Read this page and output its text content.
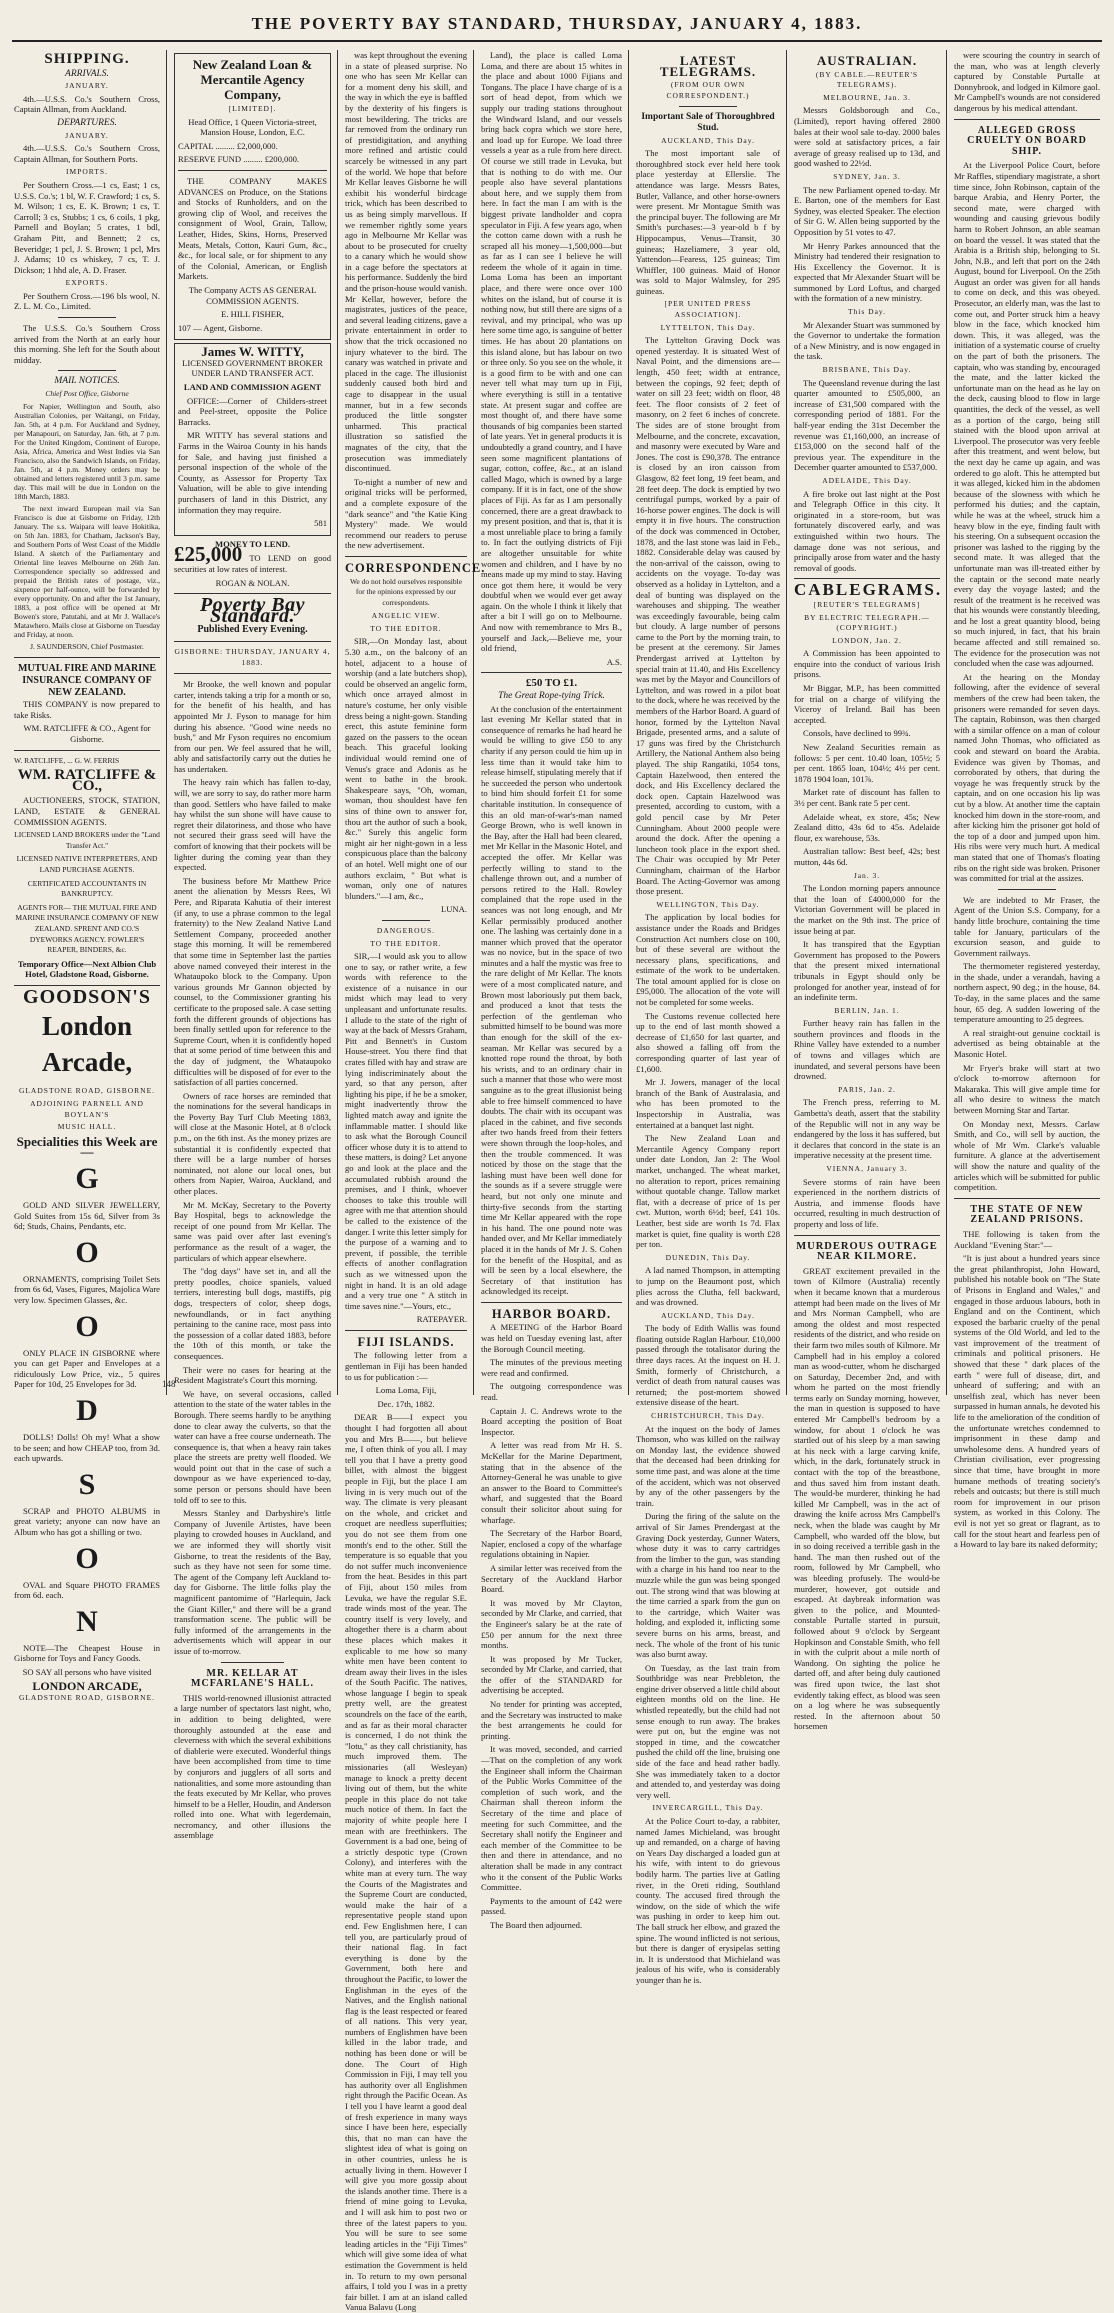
THE POVERTY BAY STANDARD, THURSDAY, JANUARY 4, 1883.
SHIPPING.
ARRIVALS.
JANUARY.

4th.—U.S.S. Co.'s Southern Cross, Captain Allman, from Auckland.

DEPARTURES.
JANUARY.

4th.—U.S.S. Co.'s Southern Cross, Captain Allman, for Southern Ports.

IMPORTS.

Per Southern Cross.—1 cs, East; 1 cs, U.S.S. Co.'s; 1 bl, W. F. Crawford; 1 cs, S. M. Wilson; 1 cs, E. K. Brown; 1 cs, T. Carroll; 3 cs, Stubbs; 1 cs, 6 coils, 1 pkg, Parnell and Boylan; 5 crates, 1 bdl, Graham Pitt, and Bennett; 2 cs, Beveridge; 1 pcl, J. S. Brown; 1 pcl, Mrs J. Adams; 10 cs whiskey, 7 cs, T. J. Dickson; 1 hhd ale, A. D. Fraser.

EXPORTS.

Per Southern Cross.—196 bls wool, N. Z. L. M. Co., Limited.

The U.S.S. Co.'s Southern Cross arrived from the North at an early hour this morning. She left for the South about midday.

MAIL NOTICES.
Chief Post Office, Gisborne

For Napier, Wellington and South, also Australian Colonies, per Waitangi, on Friday, Jan. 5th, at 4 p.m. For Auckland and Sydney, per Manapouri, on Saturday, Jan. 6th, at 7 p.m. For the United Kingdom, Continent of Europe, Asia, Africa, America and West Indies via San Francisco, also the Sandwich Islands, on Friday, Jan. 5th, at 4 p.m. Money orders may be obtained and letters registered until 3 p.m. same day. This mail will be due in London on the 18th March, 1883.

The next inward European mail via San Francisco is due at Gisborne on Friday, 12th January. The s.s. Waipara will leave Hokitika, on 5th Jan. 1883, for Chatham, Jackson's Bay, and Southern Ports of West Coast of the Middle Island. A sketch of the Parliamentary and Oriental line leaves Melbourne on 26th Jan. Correspondence specially so addressed and prepaid the British rates of postage, viz., sixpence per half-ounce, will be forwarded by every opportunity. On and after the 1st January, 1883, a post office will be opened at Mr Bowen's store, Patutahi, and at Mr J. Wallace's Matawhero. Mails close at Gisborne on Tuesday and Friday, at noon.

J. SAUNDERSON, Chief Postmaster.

MUTUAL FIRE AND MARINE INSURANCE COMPANY OF NEW ZEALAND.

THIS COMPANY is now prepared to take Risks.

WM. RATCLIFFE & CO., Agent for Gisborne.

W. RATCLIFFE, ... G. W. FERRIS

WM. RATCLIFFE & CO.,

AUCTIONEERS, STOCK, STATION, LAND, ESTATE & GENERAL COMMISSION AGENTS.

LICENSED LAND BROKERS under the "Land Transfer Act."

LICENSED NATIVE INTERPRETERS, AND LAND PURCHASE AGENTS.

CERTIFICATED ACCOUNTANTS IN BANKRUPTCY.

AGENTS FOR— THE MUTUAL FIRE AND MARINE INSURANCE COMPANY OF NEW ZEALAND. SPRENT AND CO.'S DYEWORKS AGENCY. FOWLER'S REAPER, BINDERS, &c.

Temporary Office—Next Albion Club Hotel, Gladstone Road, Gisborne.

GOODSON'S
London Arcade,
GLADSTONE ROAD, GISBORNE.
ADJOINING PARNELL AND BOYLAN'S
MUSIC HALL.
Specialities this Week are—
G

GOLD AND SILVER JEWELLERY, Gold Suites from 15s 6d, Silver from 3s 6d; Studs, Chains, Pendants, etc.

O

ORNAMENTS, comprising Toilet Sets from 6s 6d, Vases, Figures, Majolica Ware very low. Specimen Glasses, &c.

O

ONLY PLACE IN GISBORNE where you can get Paper and Envelopes at a ridiculously Low Price, viz., 5 quires Paper for 10d, 25 Envelopes for 3d.

D

DOLLS! Dolls! Oh my! What a show to be seen; and how CHEAP too, from 3d. each upwards.

S

SCRAP and PHOTO ALBUMS in great variety; anyone can now have an Album who has got a shilling or two.

O

OVAL and Square PHOTO FRAMES from 6d. each.

N

NOTE—The Cheapest House in Gisborne for Toys and Fancy Goods.

SO SAY all persons who have visited

LONDON ARCADE,
GLADSTONE ROAD, GISBORNE.
New Zealand Loan & Mercantile Agency Company,
[LIMITED].

Head Office, 1 Queen Victoria-street, Mansion House, London, E.C.

CAPITAL ......... £2,000,000.

RESERVE FUND ......... £200,000.

THE COMPANY MAKES ADVANCES on Produce, on the Stations and Stocks of Runholders, and on the growing clip of Wool, and receives the consignment of Wool, Grain, Tallow, Leather, Hides, Skins, Horns, Preserved Meats, Metals, Cotton, Kauri Gum, &c., &c., for local sale, or for shipment to any of the Colonial, American, or English Markets.

The Company ACTS AS GENERAL COMMISSION AGENTS.

E. HILL FISHER,

107 — Agent, Gisborne.

James W. WITTY,

LICENSED GOVERNMENT BROKER UNDER LAND TRANSFER ACT.

LAND AND COMMISSION AGENT

OFFICE:—Corner of Childers-street and Peel-street, opposite the Police Barracks.

MR WITTY has several stations and Farms in the Wairoa County in his hands for Sale, and having just finished a personal inspection of the whole of the County, as Assessor for Property Tax Valuation, will be able to give intending purchasers of land in this District, any information they may require.

581

MONEY TO LEND.

£25,000 TO LEND on good securities at low rates of interest.

ROGAN & NOLAN.

Poverty Bay Standard.
Published Every Evening.
GISBORNE: THURSDAY, JANUARY 4, 1883.

Mr Brooke, the well known and popular carter, intends taking a trip for a month or so, for the benefit of his health, and has appointed Mr J. Fyson to manage for him during his absence. "Good wine needs no bush," and Mr Fyson requires no encomium from our pen. We feel assured that he will, ably and satisfactorily carry out the duties he has undertaken.

The heavy rain which has fallen to-day, will, we are sorry to say, do rather more harm than good. Settlers who have failed to make hay whilst the sun shone will have cause to regret their dilatoriness, and those who have not secured their grass seed will have the comfort of knowing that their pockets will be lighter during the coming year than they expected.

The business before Mr Matthew Price anent the alienation by Messrs Rees, Wi Pere, and Riparata Kahutia of their interest (if any, to use a phrase common to the legal fraternity) to the New Zealand Native Land Settlement Company, proceeded another stage this morning. It will be remembered that some time in September last the parties above named conveyed their interest in the Whataupoko block to the Company. Upon various grounds Mr Gannon objected by counsel, to the Commissioner granting his certificate to the proposed sale. A case setting forth the different grounds of objections has been finally settled upon for reference to the Supreme Court, when it is confidently hoped that at some period of time between this and the day of judgment, the Whataupoko difficulties will be disposed of for ever to the satisfaction of all parties concerned.

Owners of race horses are reminded that the nominations for the several handicaps in the Poverty Bay Turf Club Meeting 1883, will close at the Masonic Hotel, at 8 o'clock p.m., on the 6th inst. As the money prizes are substantial it is confidently expected that there will be a large number of horses nominated, not alone our local ones, but others from Napier, Wairoa, Auckland, and other places.

Mr M. McKay, Secretary to the Poverty Bay Hospital, begs to acknowledge the receipt of one pound from Mr Kellar. The same was paid over after last evening's performance as the result of a wager, the particulars of which appear elsewhere.

The "dog days" have set in, and all the pretty poodles, choice spaniels, valued terriers, interesting bull dogs, mastiffs, pig dogs, trespecters of color, sheep dogs, newfoundlands, or in fact anything pertaining to the canine race, most pass into the possession of a collar dated 1883, before the 10th of this month, or take the consequences.

Their were no cases for hearing at the Resident Magistrate's Court this morning.

We have, on several occasions, called attention to the state of the water tables in the Borough. There seems hardly to be anything done to clear away the culverts, so that the water can have a free course underneath. The consequence is, that when a heavy rain takes place the streets are pretty well flooded. We would point out that in the case of such a downpour as we have experienced to-day, some person or persons should have been told off to see to this.

Messrs Stanley and Darbyshire's little Company of Juvenile Artistes, have been playing to crowded houses in Auckland, and we are informed they will shortly visit Gisborne, to treat the residents of the Bay, such as they have not seen for some time. The agent of the Company left Auckland to-day for Gisborne. The little folks play the magnificent pantomime of "Harlequin, Jack the Giant Killer," and there will be a grand transformation scene. The public will be fully informed of the arrangements in the advertisements which will appear in our issue of to-morrow.

MR. KELLAR AT MCFARLANE'S HALL.

THIS world-renowned illusionist attracted a large number of spectators last night, who, in addition to being delighted, were thoroughly astounded at the ease and cleverness with which the several exhibitions of diablerie were executed. Wonderful things have been accomplished from time to time by conjurors and jugglers of all sorts and nationalities, and some more astounding than the feats executed by Mr Kellar, who proves himself to be a Heller, Houdin, and Anderson rolled into one. What with legerdemain, necromancy, and other illusions the assemblage

was kept throughout the evening in a state of pleased surprise. No one who has seen Mr Kellar can for a moment deny his skill, and the way in which the eye is baffled by the dexterity of his fingers is most bewildering. The tricks are far removed from the ordinary run of prestidigitation, and anything more refined and artistic could scarcely be witnessed in any part of the world. We hope that before Mr Kellar leaves Gisborne he will exhibit his wonderful birdcage trick, which has been described to us as being simply marvellous. If we remember rightly some years ago in Melbourne Mr Kellar was about to be prosecuted for cruelty to a canary which he would show in a cage before the spectators at his performance. Suddenly the bird and the prison-house would vanish. Mr Kellar, however, before the magistrates, justices of the peace, and several leading citizens, gave a private entertainment in order to show that the trick occasioned no injury whatever to the bird. The canary was watched in private and placed in the cage. The illusionist suddenly caused both bird and cage to disappear in the usual manner, but in a few seconds produced the little songster unharmed. This practical illustration so satisfied the magnates of the city, that the prosecution was immediately discontinued.

To-night a number of new and original tricks will be performed, and a complete exposure of the "dark seance" and "the Katie King Mystery" made. We would recommend our readers to peruse the new advertisement.

CORRESPONDENCE.

We do not hold ourselves responsible for the opinions expressed by our correspondents.

ANGELIC VIEW.
TO THE EDITOR.

SIR,—On Monday last, about 5.30 a.m., on the balcony of an hotel, adjacent to a house of worship (and a late butchers shop), could be observed an angelic form, which once arrayed almost in nature's costume, her only visible dress being a night-gown. Standing erect, this astute feminine form gazed on the passers to the ocean beach. This graceful looking individual would remind one of Venus's grace and Adonis as he went to bathe in the brook. Shakespeare says, "Oh, woman, woman, thou shouldest have fen sins of thine own to answer for, thou art the author of such a book, &c." Surely this angelic form might air her night-gown in a less conspicuous place than the balcony of an hotel. Well might one of our authors exclaim, " But what is woman, only one of natures blunders."—I am, &c.,

LUNA.

DANGEROUS.
TO THE EDITOR.

SIR,—I would ask you to allow one to say, or rather write, a few words with reference to the existence of a nuisance in our midst which may lead to very unpleasant and unfortunate results. I allude to the state of the right of way at the back of Messrs Graham, Pitt and Bennett's in Custom House-street. You there find that crates filled with hay and straw are lying indiscriminately about the yard, so that any person, after lighting his pipe, if he be a smoker, might inadvertently throw the lighted match away and ignite the inflammable matter. I should like to ask what the Borough Council officer whose duty it is to attend to these matters, is doing? Let anyone go and look at the place and the accumulated rubbish around the premises, and I think, whoever chooses to take this trouble will agree with me that attention should be called to the existence of the danger. I write this letter simply for the purpose of a warning and to prevent, if possible, the terrible effects of another conflagration such as we witnessed upon the night in hand. It is an old adage and a very true one " A stitch in time saves nine."—Yours, etc.,

RATEPAYER.

FIJI ISLANDS.

The following letter from a gentleman in Fiji has been handed to us for publication :—

Loma Loma, Fiji,

Dec. 17th, 1882.

DEAR B——I expect you thought I had forgotten all about you and Mrs B——, but believe me, I often think of you all. I may tell you that I have a pretty good billet, with almost the biggest people in Fiji, but the place I am living in is very much out of the way. The climate is very pleasant on the whole, and cricket and croquet are needless superfluities; you do not see them from one month's end to the other. Still the temperature is so equable that you do not suffer much inconvenience from the heat. Besides in this part of Fiji, about 150 miles from Levuka, we have the regular S.E. trade winds most of the year. The country itself is very lovely, and altogether there is a charm about these places which makes it explicable to me how so many white men have been content to dream away their lives in the isles of the South Pacific. The natives, whose language I begin to speak pretty well, are the greatest scoundrels on the face of the earth, and as far as their moral character is concerned, I do not think the "lotu," as they call christianity, has much improved them. The missionaries (all Wesleyan) manage to knock a pretty decent living out of them, but the white people in this place do not take much notice of them. In fact the majority of white people here I mean with are freethinkers. The Government is a bad one, being of a strictly despotic type (Crown Colony), and interferes with the white man at every turn. The way the Courts of the Magistrates and the Supreme Court are conducted, would make the hair of a representative people stand upon end. Few Englishmen here, I can tell you, are particularly proud of their national flag. In fact everything is done by the Government, both here and throughout the Pacific, to lower the Englishman in the eyes of the Natives, and the English national flag is the least respected or feared of all nations. This very year, numbers of Englishmen have been killed in the labor trade, and nothing has been done or will be done. The Court of High Commission in Fiji, I may tell you has authority over all Englishmen right through the Pacific Ocean. As I tell you I have learnt a good deal of fresh experience in many ways since I have been here, especially this, that no man can have the slightest idea of what is going on in other countries, unless he is actually living in them. However I will give you more gossip about the islands another time. There is a friend of mine going to Levuka, and I will ask him to post two or three of the latest papers to you. You will be sure to see some leading articles in the "Fiji Times" which will give some idea of what estimation the Government is held in. To return to my own personal affairs, I told you I was in a pretty fair billet. I am at an island called Vanua Balavu (Long

Land), the place is called Loma Loma, and there are about 15 whites in the place and about 1000 Fijians and Tongans. The place I have charge of is a sort of head depot, from which we supply our trading stations throughout the Windward Island, and our vessels bring back copra which we store here, and load up for Europe. We load three vessels a year as a rule from here direct. Of course we still trade in Levuka, but that is nothing to do with me. Our people also have several plantations about here, and we supply them from here. In fact the man I am with is the biggest private landholder and copra speculator in Fiji. A few years ago, when the cotton came down with a rush he scraped all his money—1,500,000—but as far as I can see I believe he will redeem the whole of it again in time. Loma Loma has been an important place, and there were once over 100 whites on the island, but of course it is nothing now, but still there are signs of a revival, and my principal, who was up here some time ago, is sanguine of better times. He has about 20 plantations on this island alone, but has labour on two or three only. So you see on the whole, it is a good firm to be with and one can never tell what may turn up in Fiji, where everything is still in a tentative state. At present sugar and coffee are most thought of, and there have some thousands of big companies been started of late years. Yet in general products it is undoubtedly a grand country, and I have seen some magnificent plantations of sugar, cotton, coffee, &c., at an island called Mago, which is owned by a large company. If it is in fact, one of the show places of Fiji. As far as I am personally concerned, there are a great drawback to my present position, and that is, that it is a most unreliable place to bring a family to. In fact the outlying districts of Fiji are altogether unsuitable for white women and children, and I have by no means made up my mind to stay. Having once got them here, it would be very doubtful when we would ever get away again. On the whole I think it likely that after a bit I will go on to Melbourne. And now with remembrance to Mrs B., yourself and Jack,—Believe me, your old friend,

A.S.

£50 TO £1.
The Great Rope-tying Trick.

At the conclusion of the entertainment last evening Mr Kellar stated that in consequence of remarks he had heard he would be willing to give £50 to any charity if any person could tie him up in less time than it would take him to release himself, stipulating merely that if he succeeded the person who undertook to bind him should forfeit £1 for some charitable institution. In consequence of this an old man-of-war's-man named George Brown, who is well known in the Bay, after the Hall had been cleared, met Mr Kellar in the Masonic Hotel, and accepted the offer. Mr Kellar was perfectly willing to stand to the challenge thrown out, and a number of persons retired to the Hall. Rowley complained that the rope used in the seances was not long enough, and Mr Kellar permissibly produced another one. The lashing was certainly done in a manner which proved that the operator was no novice, but in the space of two minutes and a half the mystic was free to the rare delight of Mr Kellar. The knots were of a most complicated nature, and Brown most laboriously put them back, and produced a knot that tests the perfection of the gentleman who submitted himself to be bound was more than enough for the skill of the ex-seaman. Mr Kellar was secured by a knotted rope round the throat, by both his wrists, and to an ordinary chair in such a manner that those who were most sanguine as to the great illusionist being able to free himself commenced to have doubts. The chair with its occupant was placed in the cabinet, and five seconds after two hands freed from their fetters were shown through the loop-holes, and then the trouble commenced. It was noticed by those on the stage that the lashing must have been well done for the sounds as if a severe struggle were heard, but not only one minute and thirty-five seconds from the starting time Mr Kellar appeared with the rope in his hand. The one pound note was handed over, and Mr Kellar immediately placed it in the hands of Mr J. S. Cohen for the benefit of the Hospital, and as will be seen by a local elsewhere, the Secretary of that institution has acknowledged its receipt.

HARBOR BOARD.

A MEETING of the Harbor Board was held on Tuesday evening last, after the Borough Council meeting.

The minutes of the previous meeting were read and confirmed.

The outgoing correspondence was read.

Captain J. C. Andrews wrote to the Board accepting the position of Boat Inspector.

A letter was read from Mr H. S. McKellar for the Marine Department, stating that in the absence of the Attorney-General he was unable to give an answer to the Board to Committee's wharf, and suggested that the Board consult their solicitor about suing for wharfage.

The Secretary of the Harbor Board, Napier, enclosed a copy of the wharfage regulations obtaining in Napier.

A similar letter was received from the Secretary of the Auckland Harbor Board.

It was moved by Mr Clayton, seconded by Mr Clarke, and carried, that the Engineer's salary be at the rate of £50 per annum for the next three months.

It was proposed by Mr Tucker, seconded by Mr Clarke, and carried, that the offer of the STANDARD for advertising be accepted.

No tender for printing was accepted, and the Secretary was instructed to make the best arrangements he could for printing.

It was moved, seconded, and carried —That on the completion of any work the Engineer shall inform the Chairman of the Public Works Committee of the completion of such work, and the Chairman shall thereon inform the Secretary of the time and place of meeting for such Committee, and the Secretary shall notify the Engineer and each member of the Committee to be then and there in attendance, and no alteration shall be made in any contract who it the consent of the Public Works Committee.

Payments to the amount of £42 were passed.

The Board then adjourned.

LATEST TELEGRAMS.
(FROM OUR OWN CORRESPONDENT.)
Important Sale of Thoroughbred Stud.
AUCKLAND, This Day.

The most important sale of thoroughbred stock ever held here took place yesterday at Ellerslie. The attendance was large. Messrs Bates, Butler, Vallance, and other horse-owners were present. Mr Montague Smith was the principal buyer. The following are Mr Smith's purchases:—3 year-old b f by Hippocampus, Venus—Transit, 30 guineas; Hazeliamere, 3 year old, Yattendon—Fearess, 125 guineas; Tim Whiffler, 100 guineas. Maid of Honor was sold to Major Walmsley, for 295 guineas.

[PER UNITED PRESS ASSOCIATION].
LYTTELTON, This Day.

The Lyttelton Graving Dock was opened yesterday. It is situated West of Naval Point, and the dimensions are—length, 450 feet; width at entrance, between the copings, 92 feet; depth of water on sill 23 feet; width on floor, 48 feet. The floor consists of 2 feet of masonry, on 2 feet 6 inches of concrete. The sides are of stone brought from Melbourne, and the concrete, excavation, and masonry were executed by Ware and Jones. The cost is £90,378. The entrance is closed by an iron caisson from Glasgow, 82 feet long, 19 feet beam, and 28 feet deep. The dock is emptied by two centrifugal pumps, worked by a pair of 16-horse power engines. The dock is will empty it in five hours. The construction of the dock was commenced in October, 1878, and the last stone was laid in Feb., 1882. Considerable delay was caused by the non-arrival of the caisson, owing to accidents on the voyage. To-day was observed as a holiday in Lyttelton, and a deal of bunting was displayed on the warehouses and shipping. The weather was exceedingly favourable, being calm but cloudy. A large number of persons came to the Port by the morning train, to be present at the ceremony. Sir James Prendergast arrived at Lyttelton by special train at 11.40, and His Excellency was met by the Mayor and Councillors of Lyttelton, and was rowed in a pilot boat to the dock, where he was received by the members of the Harbor Board. A guard of honor, formed by the Lyttelton Naval Brigade, presented arms, and a salute of 17 guns was fired by the Christchurch Artillery, the National Anthem also being played. The ship Rangatiki, 1054 tons, Captain Hazelwood, then entered the dock, and His Excellency declared the dock open. Captain Hazelwood was presented, according to custom, with a gold pencil case by Mr Peter Cunningham. About 2000 people were around the dock. After the opening a luncheon took place in the export shed. The Chair was occupied by Mr Peter Cunningham, chairman of the Harbor Board. The Acting-Governor was among those present.

WELLINGTON, This Day.

The application by local bodies for assistance under the Roads and Bridges Construction Act numbers close on 100, but of these several are without the necessary plans, specifications, and estimate of the work to be undertaken. The total amount applied for is close on £95,000. The allocation of the vote will not be completed for some weeks.

The Customs revenue collected here up to the end of last month showed a decrease of £1,650 for last quarter, and also showed a falling off from the corresponding quarter of last year of £1,600.

Mr J. Jowers, manager of the local branch of the Bank of Australasia, and who has been promoted to the Inspectorship in Australia, was entertained at a banquet last night.

The New Zealand Loan and Mercantile Agency Company report under date London, Jan 2: The Wool market, unchanged. The wheat market, no alteration to report, prices remaining without quotable change. Tallow market flat, with a decrease of price of 1s per cwt. Mutton, worth 6½d; beef, £41 10s. Leather, best side are worth 1s 7d. Flax market is quiet, fine quality is worth £28 per ton.

DUNEDIN, This Day.

A lad named Thompson, in attempting to jump on the Beaumont post, which plies across the Clutha, fell backward, and was drowned.

AUCKLAND, This Day.

The body of Edith Wallis was found floating outside Raglan Harbour. £10,000 passed through the totalisator during the three days races. At the inquest on H. J. Smith, formerly of Christchurch, a verdict of death from natural causes was returned; the post-mortem showed extensive disease of the heart.

CHRISTCHURCH, This Day.

At the inquest on the body of James Thomson, who was killed on the railway on Monday last, the evidence showed that the deceased had been drinking for some time past, and was alone at the time of the accident, which was not observed by any of the other passengers by the train.

During the firing of the salute on the arrival of Sir James Prendergast at the Graving Dock yesterday, Gunner Waters, whose duty it was to carry cartridges from the limber to the gun, was standing with a charge in his hand too near to the muzzle while the gun was being sponged out. The strong wind that was blowing at the time carried a spark from the gun on to the cartridge, which Waiter was holding, and exploded it, inflicting some severe burns on his arms, breast, and neck. The whole of the front of his tunic was also burnt away.

On Tuesday, as the last train from Southbridge was near Prebbleton, the engine driver observed a little child about eighteen months old on the line. He whistled repeatedly, but the child had not sense enough to run away. The brakes were put on, but the engine was not stopped in time, and the cowcatcher pushed the child off the line, bruising one side of the face and head rather badly. She was immediately taken to a doctor and attended to, and yesterday was doing very well.

INVERCARGILL, This Day.

At the Police Court to-day, a rabbiter, named James Michieland, was brought up and remanded, on a charge of having on Years Day discharged a loaded gun at his wife, with intent to do grievous bodily harm. The parties live at Gatling river, in the Oreti riding, Southland county. The accused fired through the window, on the side of which the wife was pushing in order to keep him out. The ball struck her elbow, and grazed the spine. The wound inflicted is not serious, but there is danger of erysipelas setting in. It is understood that Michieland was jealous of his wife, who is considerably younger than he is.

AUSTRALIAN.
(BY CABLE.—REUTER'S TELEGRAMS).
MELBOURNE, Jan. 3.

Messrs Goldsborough and Co., (Limited), report having offered 2800 bales at their wool sale to-day. 2000 bales were sold at satisfactory prices, a fair average of greasy realised up to 13d, and good washed to 22½d.

SYDNEY, Jan. 3.

The new Parliament opened to-day. Mr E. Barton, one of the members for East Sydney, was elected Speaker. The election of Sir G. W. Allen being supported by the Opposition by 51 votes to 47.

Mr Henry Parkes announced that the Ministry had tendered their resignation to His Excellency the Governor. It is expected that Mr Alexander Stuart will be summoned by Lord Loftus, and charged with the formation of a new ministry.

This Day.

Mr Alexander Stuart was summoned by the Governor to undertake the formation of a New Ministry, and is now engaged in the task.

BRISBANE, This Day.

The Queensland revenue during the last quarter amounted to £505,000, an increase of £31,500 compared with the corresponding period of 1881. For the half-year ending the 31st December the revenue was £1,160,000, an increase of £153,000 on the second half of the previous year. The expenditure in the December quarter amounted to £537,000.

ADELAIDE, This Day.

A fire broke out last night at the Post and Telegraph Office in this city. It originated in a store-room, but was fortunately discovered early, and was extinguished within two hours. The damage done was not serious, and principally arose from water and the hasty removal of goods.

CABLEGRAMS.
[REUTER'S TELEGRAMS]
BY ELECTRIC TELEGRAPH.—(COPYRIGHT.)
LONDON, Jan. 2.

A Commission has been appointed to enquire into the conduct of various Irish prisons.

Mr Biggar, M.P., has been committed for trial on a charge of vilifying the Viceroy of Ireland. Bail has been accepted.

Consols, have declined to 99¾.

New Zealand Securities remain as follows: 5 per cent. 10.40 loan, 105½; 5 per cent. 1865 loan, 104½; 4½ per cent. 1878 1904 loan, 101⅞.

Market rate of discount has fallen to 3½ per cent. Bank rate 5 per cent.

Adelaide wheat, ex store, 45s; New Zealand ditto, 43s 6d to 45s. Adelaide flour, ex warehouse, 53s.

Australian tallow: Best beef, 42s; best mutton, 44s 6d.

Jan. 3.

The London morning papers announce that the loan of £4000,000 for the Victorian Government will be placed in the market on the 9th inst. The price of issue being at par.

It has transpired that the Egyptian Government has proposed to the Powers that the present mixed international tribunals in Egypt should only be prolonged for another year, instead of for an indefinite term.

BERLIN, Jan. 1.

Further heavy rain has fallen in the southern provinces and floods in the Rhine Valley have extended to a number of towns and villages which are inundated, and several persons have been drowned.

PARIS, Jan. 2.

The French press, referring to M. Gambetta's death, assert that the stability of the Republic will not in any way be endangered by the loss it has suffered, but it declares that concord in the state is an imperative necessity at the present time.

VIENNA, January 3.

Severe storms of rain have been experienced in the northern districts of Austria, and immense floods have occurred, resulting in much destruction of property and loss of life.

MURDEROUS OUTRAGE NEAR KILMORE.

GREAT excitement prevailed in the town of Kilmore (Australia) recently when it became known that a murderous attempt had been made on the lives of Mr and Mrs Norman Campbell, who are among the oldest and most respected residents of the district, and who reside on their farm two miles south of Kilmore. Mr Campbell had in his employ a colored man as wood-cutter, whom he discharged on Saturday, December 2nd, and with whom he parted on the most friendly terms early on Sunday morning, however, the man in question is supposed to have entered Mr Campbell's bedroom by a window, for about 1 o'clock he was startled out of his sleep by a man sawing at his neck with a large carving knife, which, in the dark, fortunately struck in contact with the top of the breastbone, and thus saved him from instant death. The would-be murderer, thinking he had killed Mr Campbell, was in the act of drawing the knife across Mrs Campbell's neck, when the blade was caught by Mr Campbell, who warded off the blow, but in so doing received a terrible gash in the hand. The man then rushed out of the room, followed by Mr Campbell, who was bleeding profusely. The would-be murderer, however, got outside and escaped. At daybreak information was given to the police, and Mounted-constable Purtalle started in pursuit, followed about 9 o'clock by Sergeant Hopkinson and Constable Smith, who fell in with the culprit about a mile north of Wandong. On sighting the police he darted off, and after being duly cautioned was fired upon twice, the last shot evidently taking effect, as blood was seen on a log where he was subsequently rested. In the afternoon about 50 horsemen

were scouring the country in search of the man, who was at length cleverly captured by Constable Purtalle at Donnybrook, and lodged in Kilmore gaol. Mr Campbell's wounds are not considered dangerous by his medical attendant.

ALLEGED GROSS CRUELTY ON BOARD SHIP.

At the Liverpool Police Court, before Mr Raffles, stipendiary magistrate, a short time since, John Robinson, captain of the barque Arabia, and Henry Porter, the second mate, were charged with wounding and causing grievous bodily harm to Robert Johnson, an able seaman on board the vessel. It was stated that the Arabia is a British ship, belonging to St. John, N.B., and left that port on the 24th August, bound for Liverpool. On the 25th August an order was given for all hands to come on deck, and this was obeyed. Prosecutor, an elderly man, was the last to come out, and Porter struck him a heavy blow in the face, which knocked him down. This, it was alleged, was the initiation of a systematic course of cruelty on the part of both the prisoners. The captain, who was standing by, encouraged the mate, and the latter kicked the unfortunate man on the head as he lay on the deck, causing blood to flow in large quantities, the deck of the vessel, as well as a portion of the cargo, being still stained with the blood upon arrival at Liverpool. The prosecutor was very feeble after this treatment, and went below, but the next day he came up again, and was ordered to go aloft. This he attempted but it was alleged, kicked him in the abdomen because of the slowness with which he performed his duties; and the captain, while he was at the wheel, struck him a heavy blow in the eye, finding fault with his steering. On a subsequent occasion the prisoner was lashed to the rigging by the second mate. It was alleged that the unfortunate man was ill-treated either by the captain or the second mate nearly every day the voyage lasted; and the result of the treatment is he received was that his wounds were constantly bleeding, and he lost a great quantity blood, being so much injured, in fact, that his brain became affected and still remained so. The evidence for the prosecution was not concluded when the case was adjourned.

At the hearing on the Monday following, after the evidence of several members of the crew had been taken, the prisoners were remanded for seven days. The captain, Robinson, was then charged with a similar offence on a man of colour named John Thomas, who officiated as cook and steward on board the Arabia. Evidence was given by Thomas, and corroborated by others, that during the voyage he was frequently struck by the captain, and on one occasion his lip was cut by a blow. At another time the captain knocked him down in the store-room, and after kicking him the prisoner got hold of the top of a door and jumped upon him. His ribs were very much hurt. A medical man stated that one of Thomas's floating ribs on the right side was broken. Prisoner was committed for trial at the assizes.

We are indebted to Mr Fraser, the Agent of the Union S.S. Company, for a handy little brochure, containing the time table for January, particulars of the excursion season, and guide to Government railways.

The thermometer registered yesterday, in the shade, under a verandah, having a northern aspect, 90 deg.; in the house, 84. To-day, in the same places and the same hour, 65 deg. A sudden lowering of the temperature amounting to 25 degrees.

A real straight-out genuine cocktail is advertised as being obtainable at the Masonic Hotel.

Mr Fryer's brake will start at two o'clock to-morrow afternoon for Makaraka. This will give ample time for all who desire to witness the match between Morning Star and Tartar.

On Monday next, Messrs. Carlaw Smith, and Co., will sell by auction, the whole of Mr Wm. Clarke's valuable furniture. A glance at the advertisement will show the nature and quality of the articles which will be submitted for public competition.

THE STATE OF NEW ZEALAND PRISONS.

THE following is taken from the Auckland "Evening Star:"—

"It is just about a hundred years since the great philanthropist, John Howard, published his notable book on "The State of Prisons in England and Wales," and engaged in those arduous labours, both in England and on the Continent, which exposed the barbaric cruelty of the penal systems of the Old World, and led to the vast improvement of the treatment of criminals and political prisoners. He showed that these " dark places of the earth " were full of disease, dirt, and unheard of suffering; and with an unselfish zeal, which has never been surpassed in human annals, he devoted his life to the amelioration of the condition of the unfortunate wretches condemned to imprisonment in these damp and unwholesome dens. A hundred years of Christian civilisation, ever progressing since that time, have brought in more humane methods of treating society's rebels and outcasts; but there is still much room for improvement in our prison system, as worked in this Colony. The evil is not yet so great or flagrant, as to call for the stout heart and fearless pen of a Howard to lay bare its naked deformity;

148
